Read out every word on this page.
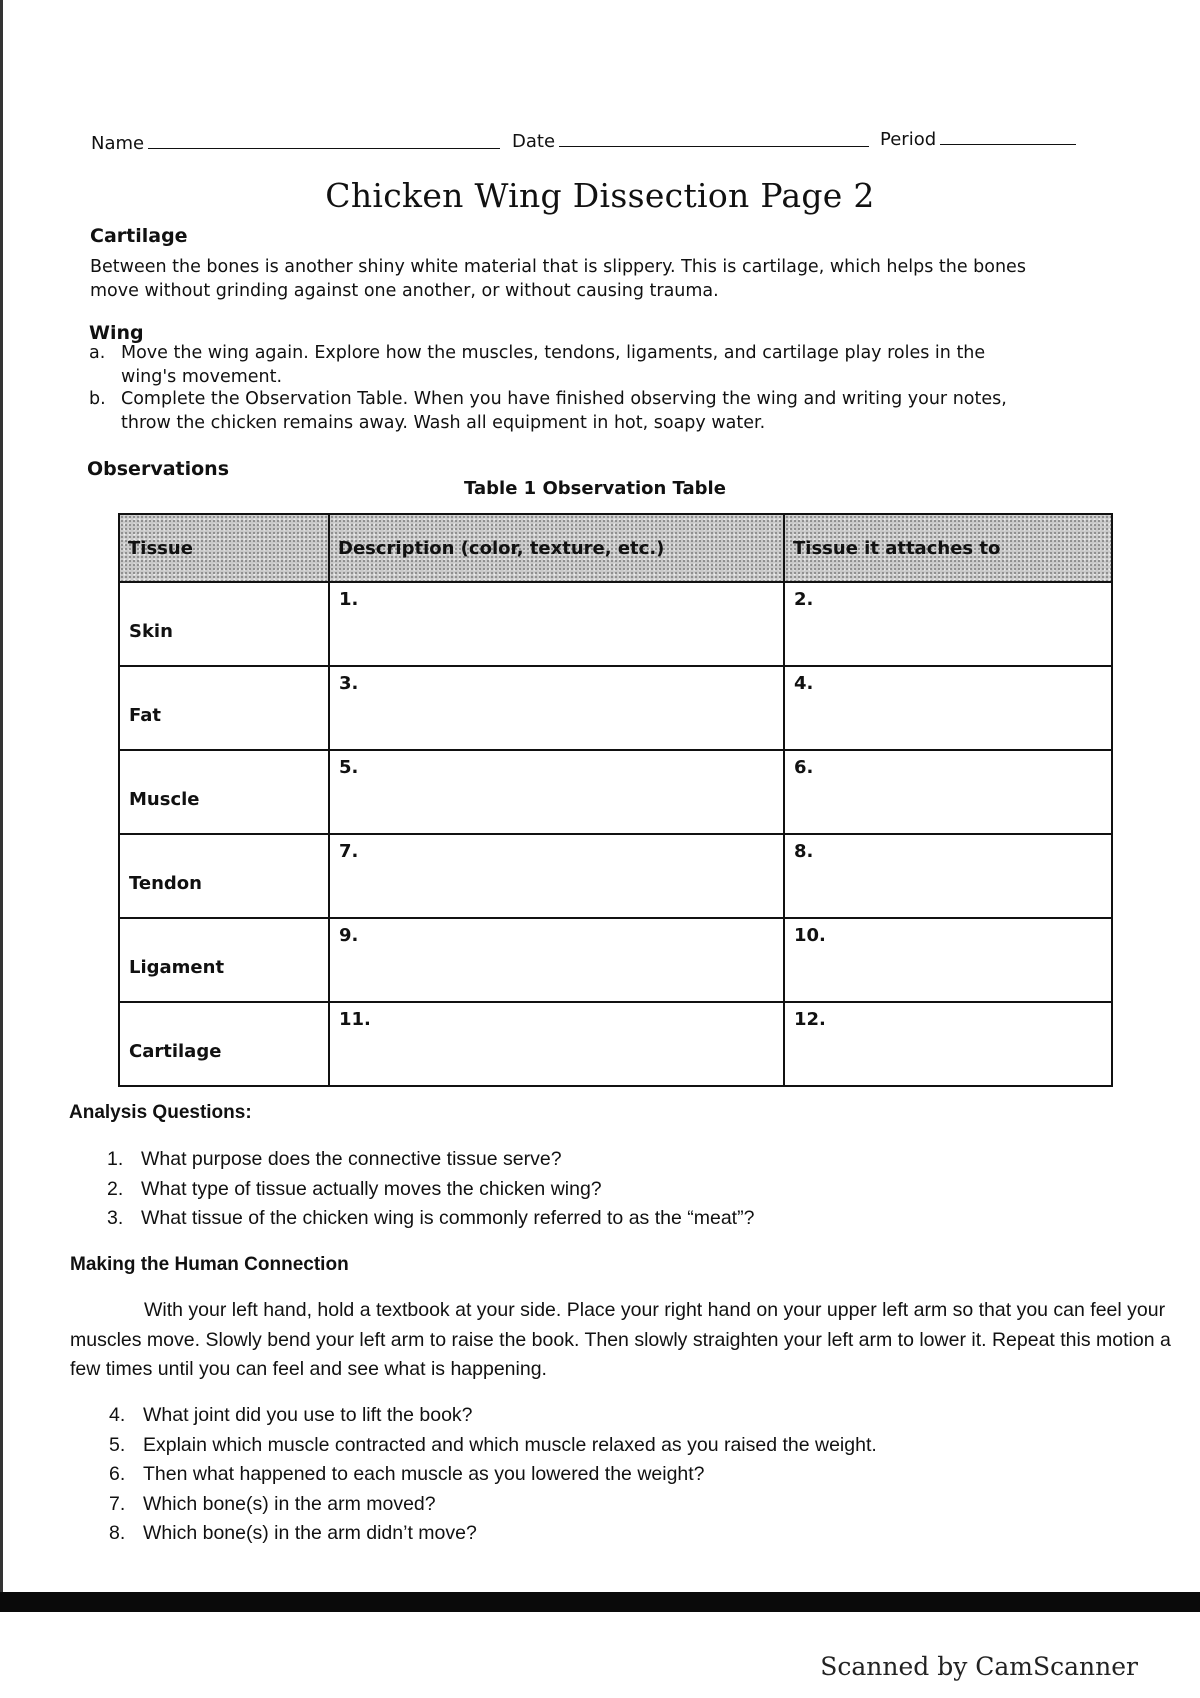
Name	Date	Period
Chicken Wing Dissection Page 2
Cartilage
Between the bones is another shiny white material that is slippery. This is cartilage, which helps the bones
move without grinding against one another, or without causing trauma.
Wing
a. Move the wing again. Explore how the muscles, tendons, ligaments, and cartilage play roles in the
wing's movement.
b. Complete the Observation Table. When you have finished observing the wing and writing your notes,
throw the chicken remains away. Wash all equipment in hot, soapy water.
Observations
Table 1 Observation Table
Tissue	Description (color, texture, etc.)	Tissue it attaches to
Skin	1.	2.
Fat	3.	4.
Muscle	5.	6.
Tendon	7.	8.
Ligament	9.	10.
Cartilage	11.	12.
Analysis Questions:
1. What purpose does the connective tissue serve?
2. What type of tissue actually moves the chicken wing?
3. What tissue of the chicken wing is commonly referred to as the “meat”?
Making the Human Connection
With your left hand, hold a textbook at your side. Place your right hand on your upper left arm so that you can feel your muscles move. Slowly bend your left arm to raise the book. Then slowly straighten your left arm to lower it. Repeat this motion a few times until you can feel and see what is happening.
4. What joint did you use to lift the book?
5. Explain which muscle contracted and which muscle relaxed as you raised the weight.
6. Then what happened to each muscle as you lowered the weight?
7. Which bone(s) in the arm moved?
8. Which bone(s) in the arm didn’t move?
Scanned by CamScanner
